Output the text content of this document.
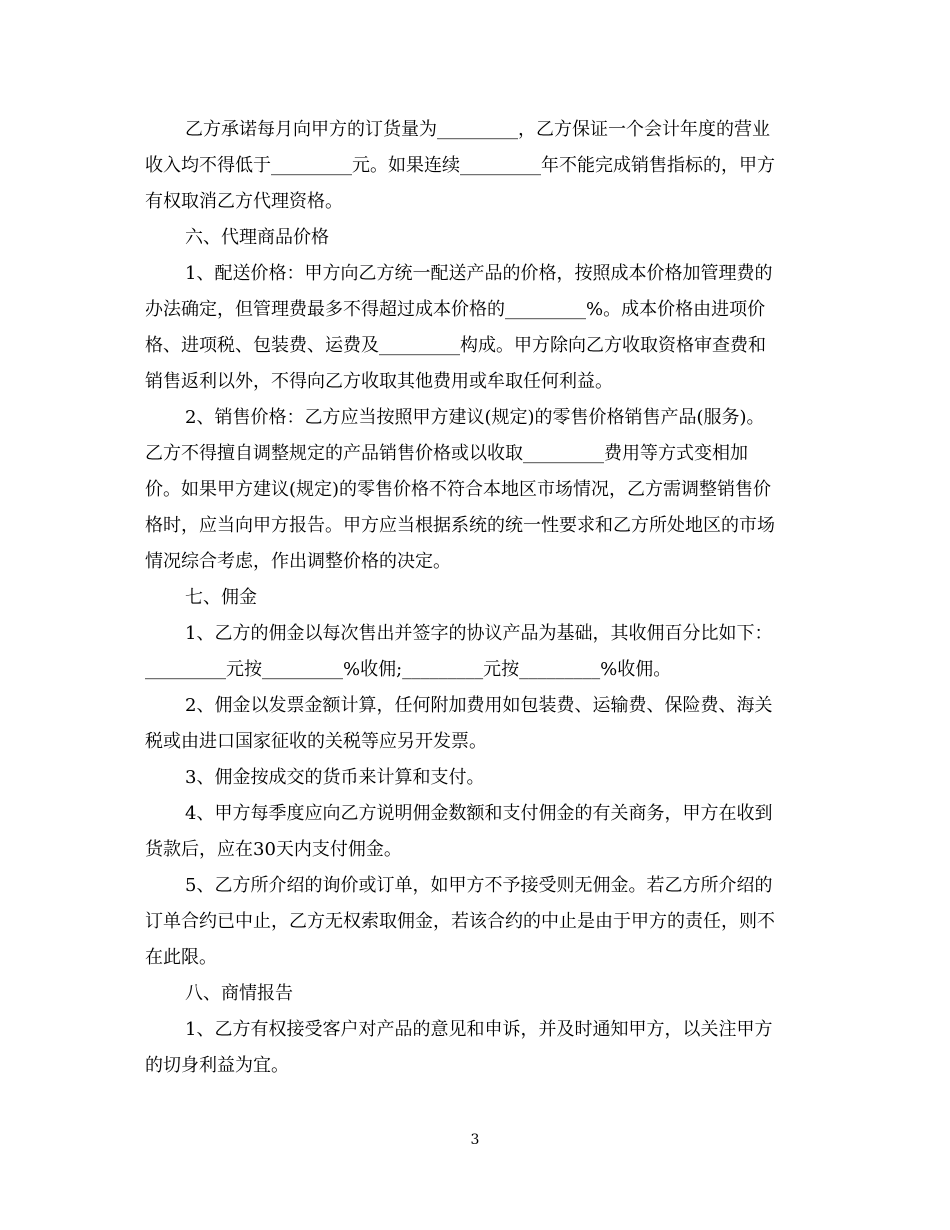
乙方承诺每月向甲方的订货量为_________，乙方保证一个会计年度的营业
收入均不得低于_________元。如果连续_________年不能完成销售指标的，甲方
有权取消乙方代理资格。

六、代理商品价格

1、配送价格：甲方向乙方统一配送产品的价格，按照成本价格加管理费的
办法确定，但管理费最多不得超过成本价格的_________%。成本价格由进项价
格、进项税、包装费、运费及_________构成。甲方除向乙方收取资格审查费和
销售返利以外，不得向乙方收取其他费用或牟取任何利益。

2、销售价格：乙方应当按照甲方建议(规定)的零售价格销售产品(服务)。
乙方不得擅自调整规定的产品销售价格或以收取_________费用等方式变相加
价。如果甲方建议(规定)的零售价格不符合本地区市场情况，乙方需调整销售价
格时，应当向甲方报告。甲方应当根据系统的统一性要求和乙方所处地区的市场
情况综合考虑，作出调整价格的决定。

七、佣金

1、乙方的佣金以每次售出并签字的协议产品为基础，其收佣百分比如下：
_________元按_________%收佣;_________元按_________%收佣。

2、佣金以发票金额计算，任何附加费用如包装费、运输费、保险费、海关
税或由进口国家征收的关税等应另开发票。

3、佣金按成交的货币来计算和支付。

4、甲方每季度应向乙方说明佣金数额和支付佣金的有关商务，甲方在收到
货款后，应在30天内支付佣金。

5、乙方所介绍的询价或订单，如甲方不予接受则无佣金。若乙方所介绍的
订单合约已中止，乙方无权索取佣金，若该合约的中止是由于甲方的责任，则不
在此限。

八、商情报告

1、乙方有权接受客户对产品的意见和申诉，并及时通知甲方，以关注甲方
的切身利益为宜。

3
